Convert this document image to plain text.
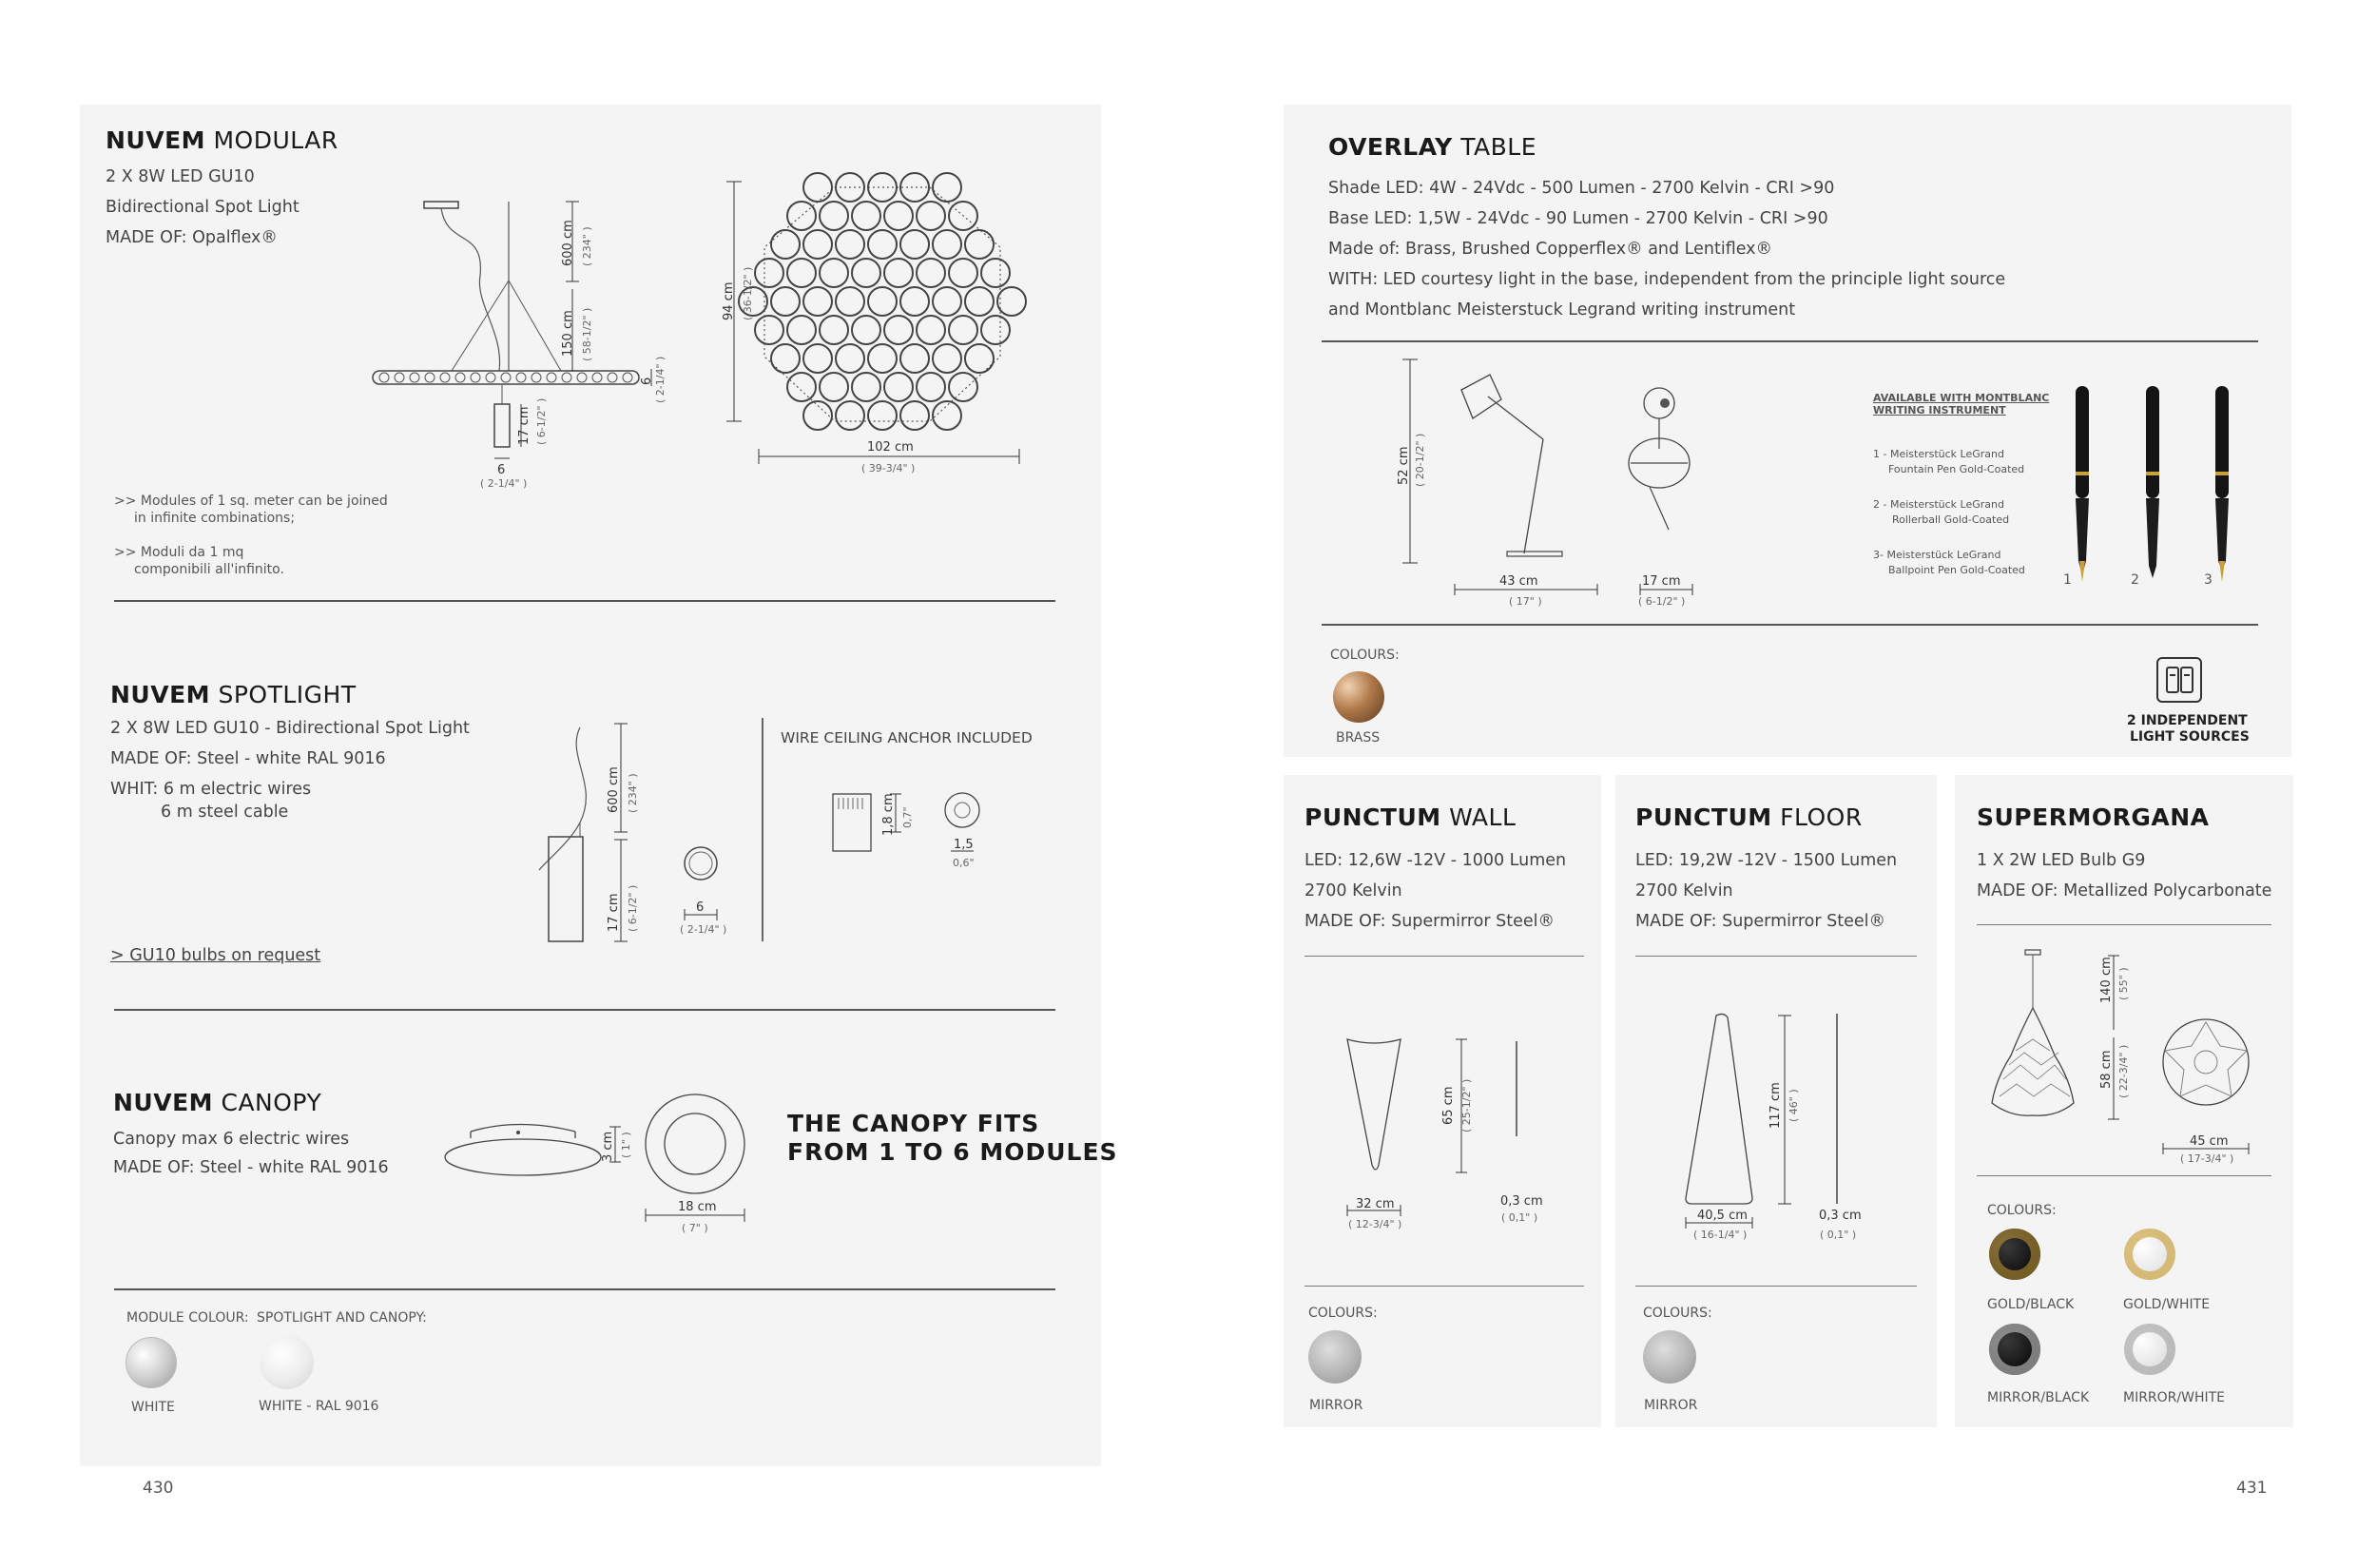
NUVEM MODULAR
2 X 8W LED GU10
Bidirectional Spot Light
MADE OF: Opalflex®	600 cm ( 234" )
150 cm ( 58-1/2" )
6 ( 2-1/4" )
17 cm ( 6-1/2" )
6
( 2-1/4" )
94 cm ( 36-1/2" )
102 cm
( 39-3/4" )
>> Modules of 1 sq. meter can be joined
in infinite combinations;
>> Moduli da 1 mq
componibili all'infinito.
NUVEM SPOTLIGHT
2 X 8W LED GU10 - Bidirectional Spot Light
MADE OF: Steel - white RAL 9016
WHIT: 6 m electric wires
6 m steel cable
> GU10 bulbs on request
600 cm ( 234" )
17 cm ( 6-1/2" )	6
( 2-1/4" )
WIRE CEILING ANCHOR INCLUDED
1,8 cm 0,7"
1,5
0,6"
NUVEM CANOPY
Canopy max 6 electric wires
MADE OF: Steel - white RAL 9016
3 cm ( 1" )
18 cm
( 7" )
THE CANOPY FITS
FROM 1 TO 6 MODULES
MODULE COLOUR: SPOTLIGHT AND CANOPY:
WHITE	WHITE - RAL 9016
430
OVERLAY TABLE
Shade LED: 4W - 24Vdc - 500 Lumen - 2700 Kelvin - CRI >90
Base LED: 1,5W - 24Vdc - 90 Lumen - 2700 Kelvin - CRI >90
Made of: Brass, Brushed Copperflex® and Lentiflex®
WITH: LED courtesy light in the base, independent from the principle light source
and Montblanc Meisterstuck Legrand writing instrument
52 cm ( 20-1/2" )
43 cm
( 17" )
17 cm
( 6-1/2" )
AVAILABLE WITH MONTBLANC
WRITING INSTRUMENT
1 - Meisterstück LeGrand
Fountain Pen Gold-Coated
2 - Meisterstück LeGrand
Rollerball Gold-Coated
3- Meisterstück LeGrand
Ballpoint Pen Gold-Coated
1	2	3
COLOURS:
BRASS
2 INDEPENDENT
LIGHT SOURCES
PUNCTUM WALL
LED: 12,6W -12V - 1000 Lumen
2700 Kelvin
MADE OF: Supermirror Steel®
65 cm ( 25-1/2" )
32 cm
( 12-3/4" )
0,3 cm
( 0,1" )
COLOURS:
MIRROR
PUNCTUM FLOOR
LED: 19,2W -12V - 1500 Lumen
2700 Kelvin
MADE OF: Supermirror Steel®
117 cm ( 46" )
40,5 cm
( 16-1/4" )
0,3 cm
( 0,1" )
COLOURS:
MIRROR
SUPERMORGANA
1 X 2W LED Bulb G9
MADE OF: Metallized Polycarbonate
140 cm ( 55" )
58 cm ( 22-3/4" )
45 cm
( 17-3/4" )
COLOURS:
GOLD/BLACK	GOLD/WHITE
MIRROR/BLACK	MIRROR/WHITE
431
